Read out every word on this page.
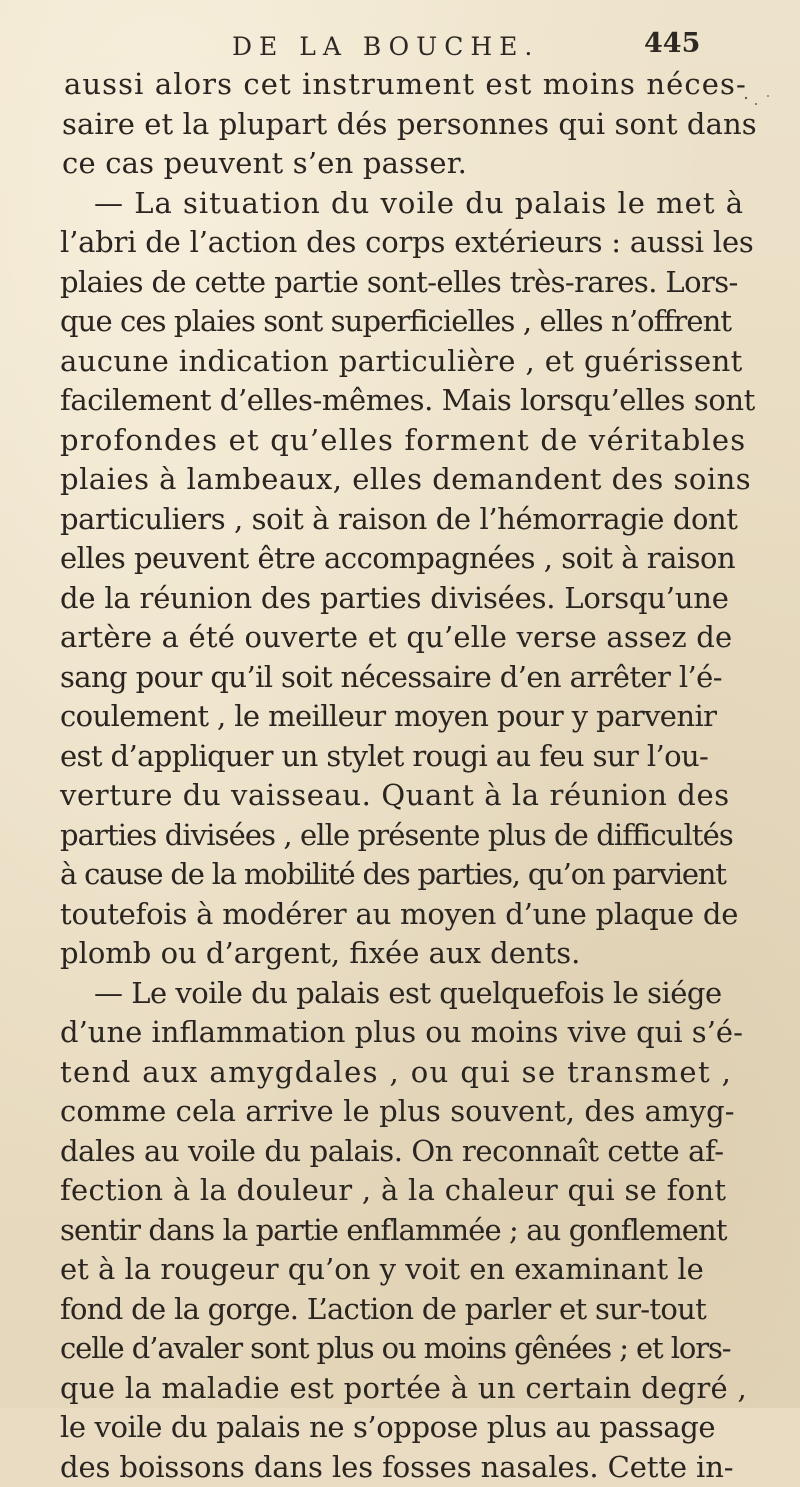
DE LA BOUCHE.	445
aussi alors cet instrument est moins néces-
saire et la plupart dés personnes qui sont dans
ce cas peuvent s’en passer.
— La situation du voile du palais le met à
l’abri de l’action des corps extérieurs : aussi les
plaies de cette partie sont-elles très-rares. Lors-
que ces plaies sont superficielles , elles n’offrent
aucune indication particulière , et guérissent
facilement d’elles-mêmes. Mais lorsqu’elles sont
profondes et qu’elles forment de véritables
plaies à lambeaux, elles demandent des soins
particuliers , soit à raison de l’hémorragie dont
elles peuvent être accompagnées , soit à raison
de la réunion des parties divisées. Lorsqu’une
artère a été ouverte et qu’elle verse assez de
sang pour qu’il soit nécessaire d’en arrêter l’é-
coulement , le meilleur moyen pour y parvenir
est d’appliquer un stylet rougi au feu sur l’ou-
verture du vaisseau. Quant à la réunion des
parties divisées , elle présente plus de difficultés
à cause de la mobilité des parties, qu’on parvient
toutefois à modérer au moyen d’une plaque de
plomb ou d’argent, fixée aux dents.
— Le voile du palais est quelquefois le siége
d’une inflammation plus ou moins vive qui s’é-
tend aux amygdales , ou qui se transmet ,
comme cela arrive le plus souvent, des amyg-
dales au voile du palais. On reconnaît cette af-
fection à la douleur , à la chaleur qui se font
sentir dans la partie enflammée ; au gonflement
et à la rougeur qu’on y voit en examinant le
fond de la gorge. L’action de parler et sur-tout
celle d’avaler sont plus ou moins gênées ; et lors-
que la maladie est portée à un certain degré ,
le voile du palais ne s’oppose plus au passage
des boissons dans les fosses nasales. Cette in-
